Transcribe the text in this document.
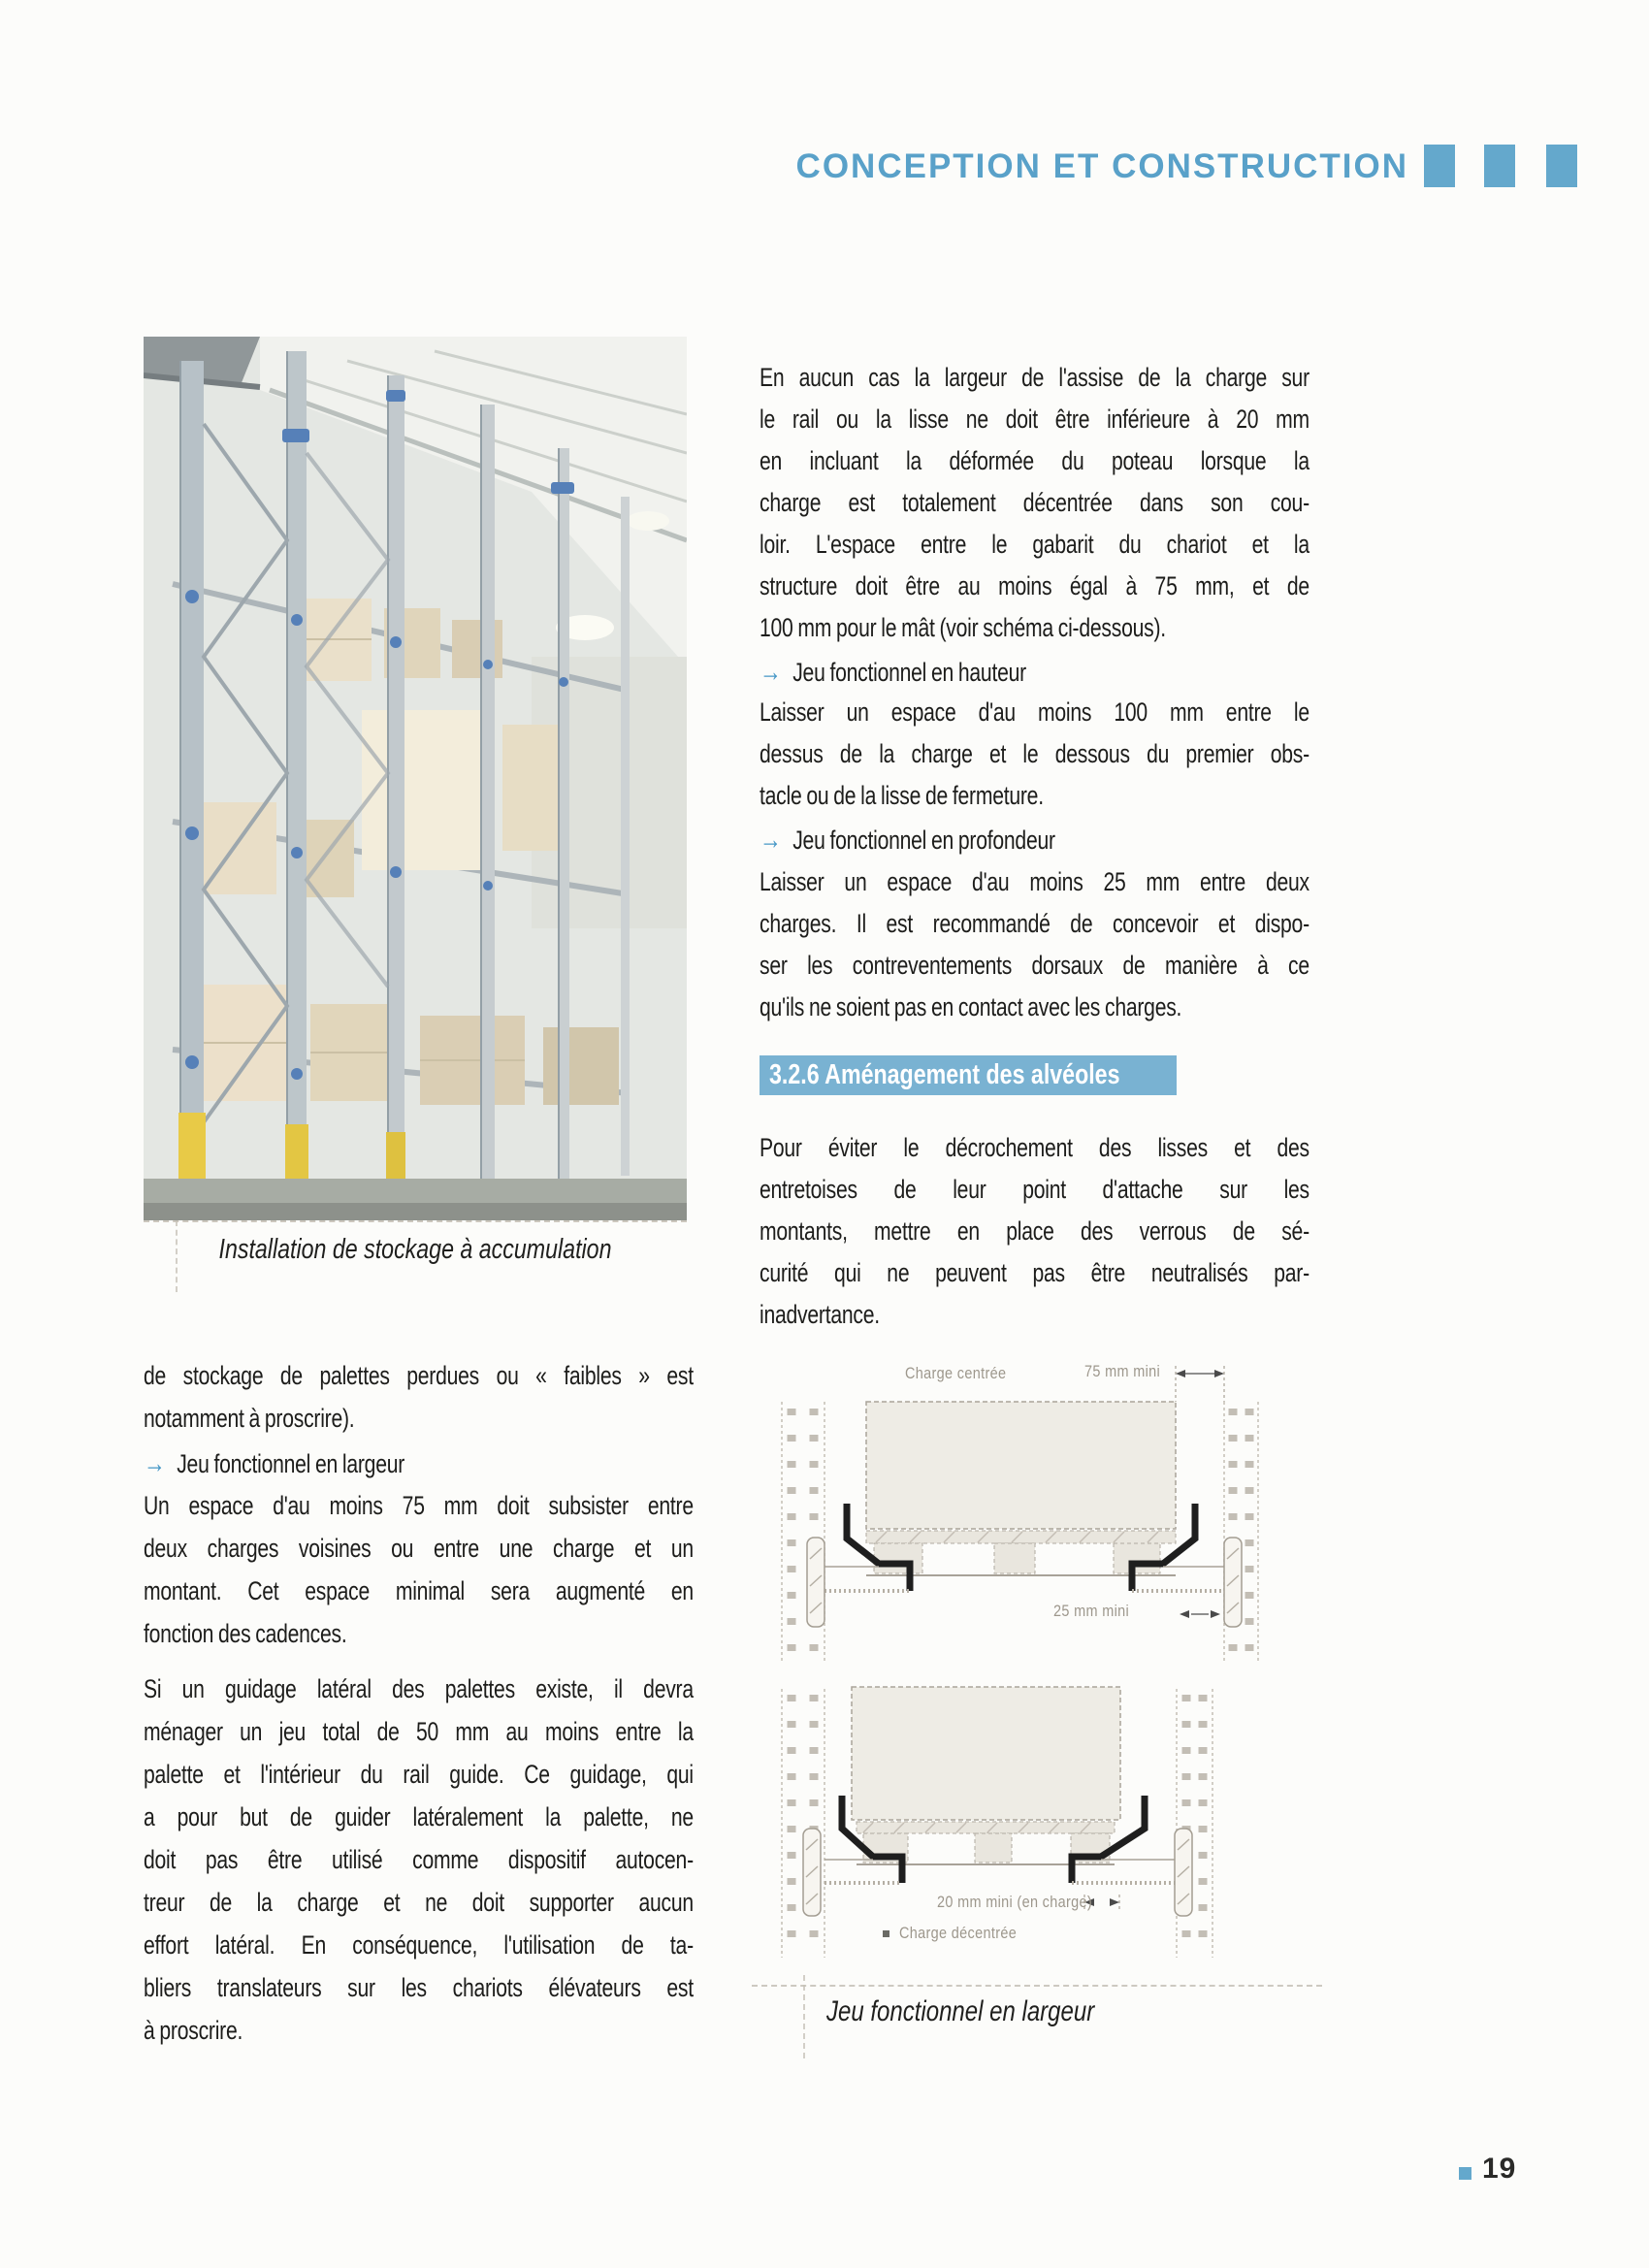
CONCEPTION ET CONSTRUCTION
Installation de stockage à accumulation
de stockage de palettes perdues ou « faibles » est
notamment à proscrire).
→ Jeu fonctionnel en largeur
Un espace d'au moins 75 mm doit subsister entre
deux charges voisines ou entre une charge et un
montant. Cet espace minimal sera augmenté en
fonction des cadences.
Si un guidage latéral des palettes existe, il devra
ménager un jeu total de 50 mm au moins entre la
palette et l'intérieur du rail guide. Ce guidage, qui
a pour but de guider latéralement la palette, ne
doit pas être utilisé comme dispositif autocen-
treur de la charge et ne doit supporter aucun
effort latéral. En conséquence, l'utilisation de ta-
bliers translateurs sur les chariots élévateurs est
à proscrire.
En aucun cas la largeur de l'assise de la charge sur
le rail ou la lisse ne doit être inférieure à 20 mm
en incluant la déformée du poteau lorsque la
charge est totalement décentrée dans son cou-
loir. L'espace entre le gabarit du chariot et la
structure doit être au moins égal à 75 mm, et de
100 mm pour le mât (voir schéma ci-dessous).
→ Jeu fonctionnel en hauteur
Laisser un espace d'au moins 100 mm entre le
dessus de la charge et le dessous du premier obs-
tacle ou de la lisse de fermeture.
→ Jeu fonctionnel en profondeur
Laisser un espace d'au moins 25 mm entre deux
charges. Il est recommandé de concevoir et dispo-
ser les contreventements dorsaux de manière à ce
qu'ils ne soient pas en contact avec les charges.
3.2.6 Aménagement des alvéoles
Pour éviter le décrochement des lisses et des
entretoises de leur point d'attache sur les
montants, mettre en place des verrous de sé-
curité qui ne peuvent pas être neutralisés par-
inadvertance.
Charge centrée	75 mm mini
25 mm mini
20 mm mini (en charge)
Charge décentrée
Jeu fonctionnel en largeur
19
